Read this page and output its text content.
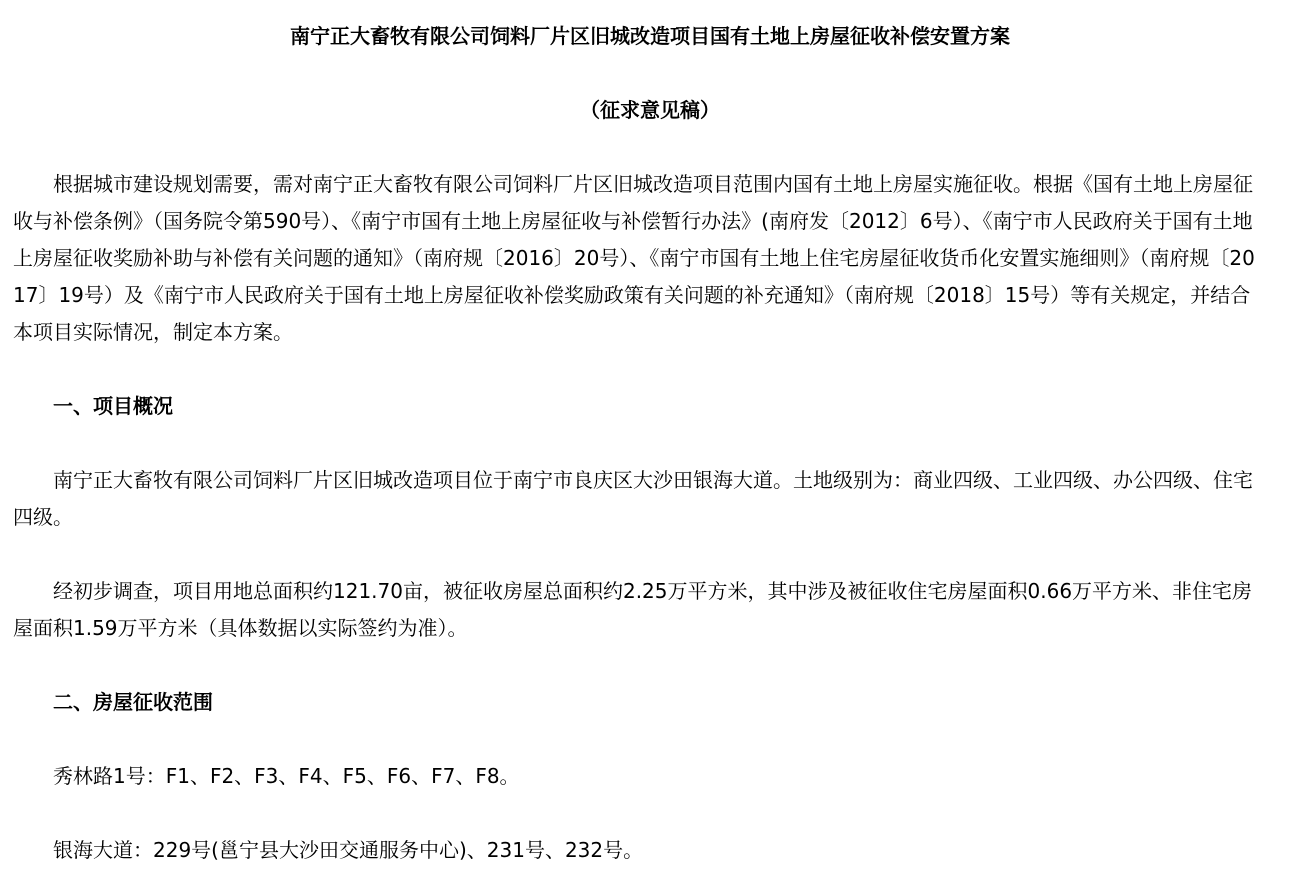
南宁正大畜牧有限公司饲料厂片区旧城改造项目国有土地上房屋征收补偿安置方案

（征求意见稿）

根据城市建设规划需要，需对南宁正大畜牧有限公司饲料厂片区旧城改造项目范围内国有土地上房屋实施征收。根据《国有土地上房屋征收与补偿条例》（国务院令第590号）、《南宁市国有土地上房屋征收与补偿暂行办法》(南府发〔2012〕6号）、《南宁市人民政府关于国有土地上房屋征收奖励补助与补偿有关问题的通知》（南府规〔2016〕20号）、《南宁市国有土地上住宅房屋征收货币化安置实施细则》（南府规〔2017〕19号）及《南宁市人民政府关于国有土地上房屋征收补偿奖励政策有关问题的补充通知》（南府规〔2018〕15号）等有关规定，并结合本项目实际情况，制定本方案。

一、项目概况

南宁正大畜牧有限公司饲料厂片区旧城改造项目位于南宁市良庆区大沙田银海大道。土地级别为：商业四级、工业四级、办公四级、住宅四级。

经初步调查，项目用地总面积约121.70亩，被征收房屋总面积约2.25万平方米，其中涉及被征收住宅房屋面积0.66万平方米、非住宅房屋面积1.59万平方米（具体数据以实际签约为准）。

二、房屋征收范围

秀林路1号：F1、F2、F3、F4、F5、F6、F7、F8。

银海大道：229号(邕宁县大沙田交通服务中心)、231号、232号。
